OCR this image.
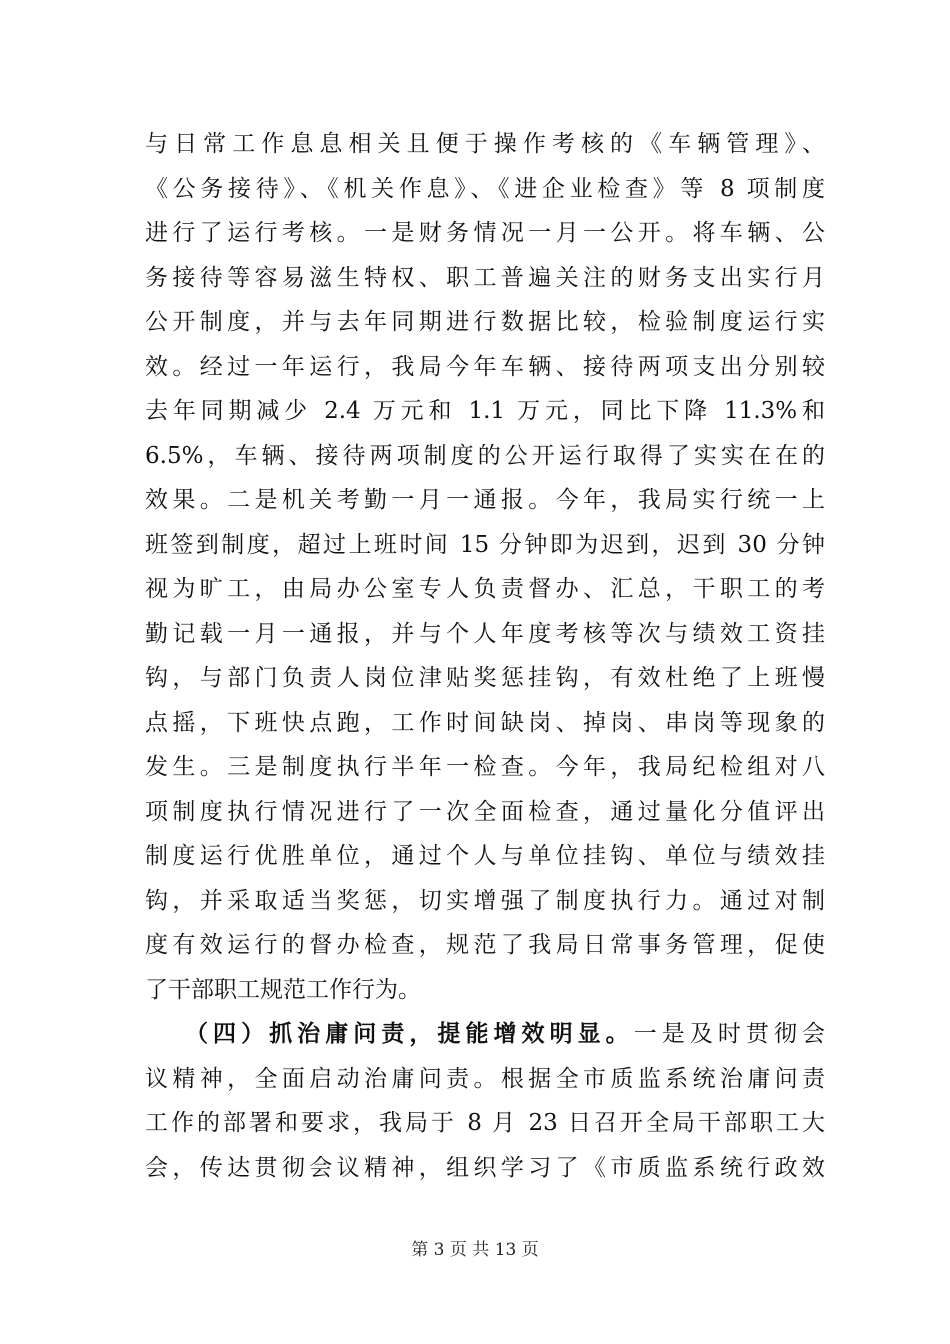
与日常工作息息相关且便于操作考核的《车辆管理》、
《公务接待》、《机关作息》、《进企业检查》等 8 项制度
进行了运行考核。一是财务情况一月一公开。将车辆、公
务接待等容易滋生特权、职工普遍关注的财务支出实行月
公开制度，并与去年同期进行数据比较，检验制度运行实
效。经过一年运行，我局今年车辆、接待两项支出分别较
去年同期减少 2.4 万元和 1.1 万元，同比下降 11.3%和
6.5%，车辆、接待两项制度的公开运行取得了实实在在的
效果。二是机关考勤一月一通报。今年，我局实行统一上
班签到制度，超过上班时间 15 分钟即为迟到，迟到 30 分钟
视为旷工，由局办公室专人负责督办、汇总，干职工的考
勤记载一月一通报，并与个人年度考核等次与绩效工资挂
钩，与部门负责人岗位津贴奖惩挂钩，有效杜绝了上班慢
点摇，下班快点跑，工作时间缺岗、掉岗、串岗等现象的
发生。三是制度执行半年一检查。今年，我局纪检组对八
项制度执行情况进行了一次全面检查，通过量化分值评出
制度运行优胜单位，通过个人与单位挂钩、单位与绩效挂
钩，并采取适当奖惩，切实增强了制度执行力。通过对制
度有效运行的督办检查，规范了我局日常事务管理，促使
了干部职工规范工作行为。
（四）抓治庸问责，提能增效明显。一是及时贯彻会
议精神，全面启动治庸问责。根据全市质监系统治庸问责
工作的部署和要求，我局于 8 月 23 日召开全局干部职工大
会，传达贯彻会议精神，组织学习了《市质监系统行政效
第 3 页 共 13 页
